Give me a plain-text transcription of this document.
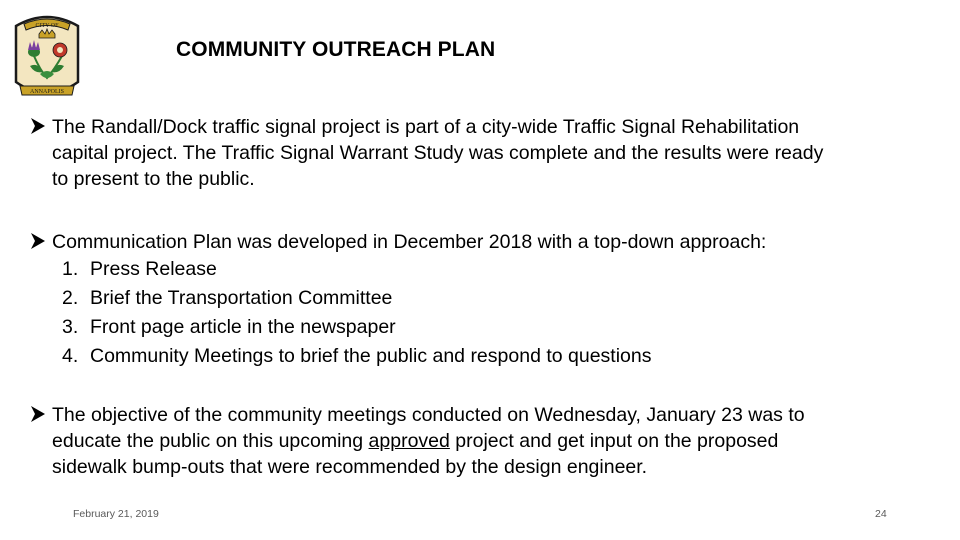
CITY OF
ANNAPOLIS
COMMUNITY OUTREACH PLAN
The Randall/Dock traffic signal project is part of a city-wide Traffic Signal Rehabilitation
capital project. The Traffic Signal Warrant Study was complete and the results were ready
to present to the public.
Communication Plan was developed in December 2018 with a top-down approach:
1. Press Release
2. Brief the Transportation Committee
3. Front page article in the newspaper
4. Community Meetings to brief the public and respond to questions
The objective of the community meetings conducted on Wednesday, January 23 was to
educate the public on this upcoming approved project and get input on the proposed
sidewalk bump-outs that were recommended by the design engineer.
February 21, 2019	24
